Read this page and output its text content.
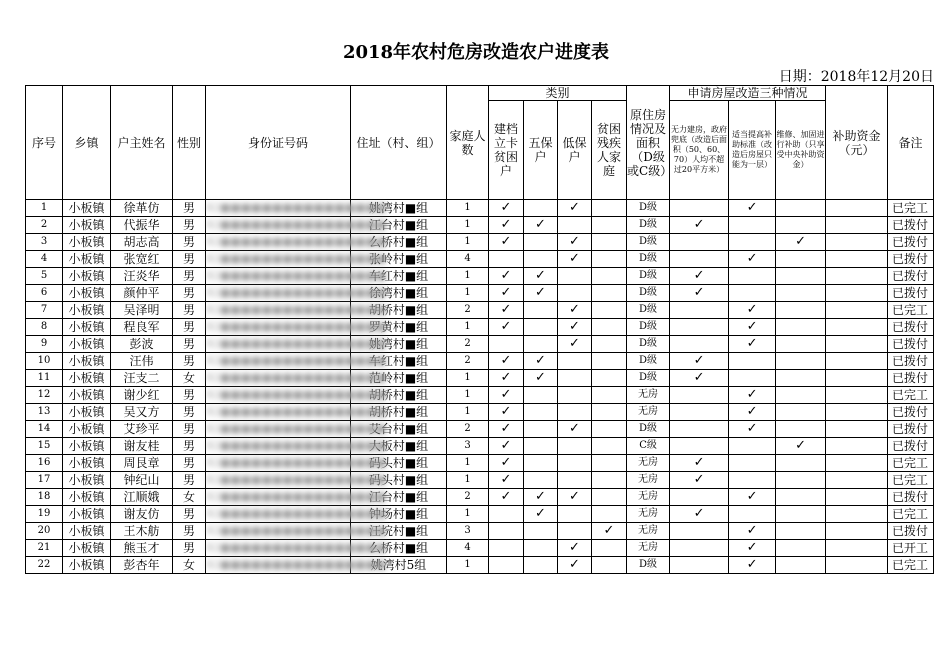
2018年农村危房改造农户进度表
日期：2018年12月20日
序号	乡镇	户主姓名	性别	身份证号码	住址（村、组）	家庭人数	类别				原住房情况及面积（D级或C级）	申请房屋改造三种情况			补助资金（元）	备注
							建档立卡贫困户	五保户	低保户	贫困残疾人家庭		无力建房，政府兜底（改造后面积（50、60、70）人均不超过20平方米）	适当提高补助标准（改造后房屋只能为一层）	维修、加固进行补助（只享受中央补助资金）		
1	小板镇	徐革仿	男	42■■■■■■■■■■■■■■■■	姚湾村■组	1	✓		✓		D级		✓			已完工
2	小板镇	代振华	男	42■■■■■■■■■■■■■■■■	江台村■组	1	✓	✓			D级	✓				已拨付
3	小板镇	胡志高	男	42■■■■■■■■■■■■■■■■	么桥村■组	1	✓		✓		D级			✓		已拨付
4	小板镇	张宽红	男	42■■■■■■■■■■■■■■■■	张岭村■组	4			✓		D级		✓			已拨付
5	小板镇	汪炎华	男	42■■■■■■■■■■■■■■■■	车红村■组	1	✓	✓			D级	✓				已拨付
6	小板镇	颜仲平	男	42■■■■■■■■■■■■■■■■	徐湾村■组	1	✓	✓			D级	✓				已拨付
7	小板镇	吴泽明	男	42■■■■■■■■■■■■■■■■	胡桥村■组	2	✓		✓		D级		✓			已完工
8	小板镇	程良军	男	42■■■■■■■■■■■■■■■■	罗黄村■组	1	✓		✓		D级		✓			已拨付
9	小板镇	彭波	男	42■■■■■■■■■■■■■■■■	姚湾村■组	2			✓		D级		✓			已拨付
10	小板镇	汪伟	男	42■■■■■■■■■■■■■■■■	车红村■组	2	✓	✓			D级	✓				已拨付
11	小板镇	汪支二	女	42■■■■■■■■■■■■■■■■	范岭村■组	1	✓	✓			D级	✓				已拨付
12	小板镇	谢少红	男	42■■■■■■■■■■■■■■■■	胡桥村■组	1	✓				无房		✓			已完工
13	小板镇	吴又方	男	42■■■■■■■■■■■■■■■■	胡桥村■组	1	✓				无房		✓			已拨付
14	小板镇	艾珍平	男	42■■■■■■■■■■■■■■■■	艾台村■组	2	✓		✓		D级		✓			已拨付
15	小板镇	谢友桂	男	42■■■■■■■■■■■■■■■■	大板村■组	3	✓				C级			✓		已拨付
16	小板镇	周艮章	男	42■■■■■■■■■■■■■■■■	码头村■组	1	✓				无房	✓				已完工
17	小板镇	钟纪山	男	42■■■■■■■■■■■■■■■■	码头村■组	1	✓				无房	✓				已完工
18	小板镇	江顺娥	女	42■■■■■■■■■■■■■■■■	江台村■组	2	✓	✓	✓		无房		✓			已拨付
19	小板镇	谢友仿	男	42■■■■■■■■■■■■■■■■	钟场村■组	1		✓			无房	✓				已完工
20	小板镇	王木舫	男	42■■■■■■■■■■■■■■■■	汪垸村■组	3				✓	无房		✓			已拨付
21	小板镇	熊玉才	男	42■■■■■■■■■■■■■■■■	么桥村■组	4			✓		无房		✓			已开工
22	小板镇	彭杏年	女	42■■■■■■■■■■■■■■■■	姚湾村5组	1			✓		D级		✓			已完工
